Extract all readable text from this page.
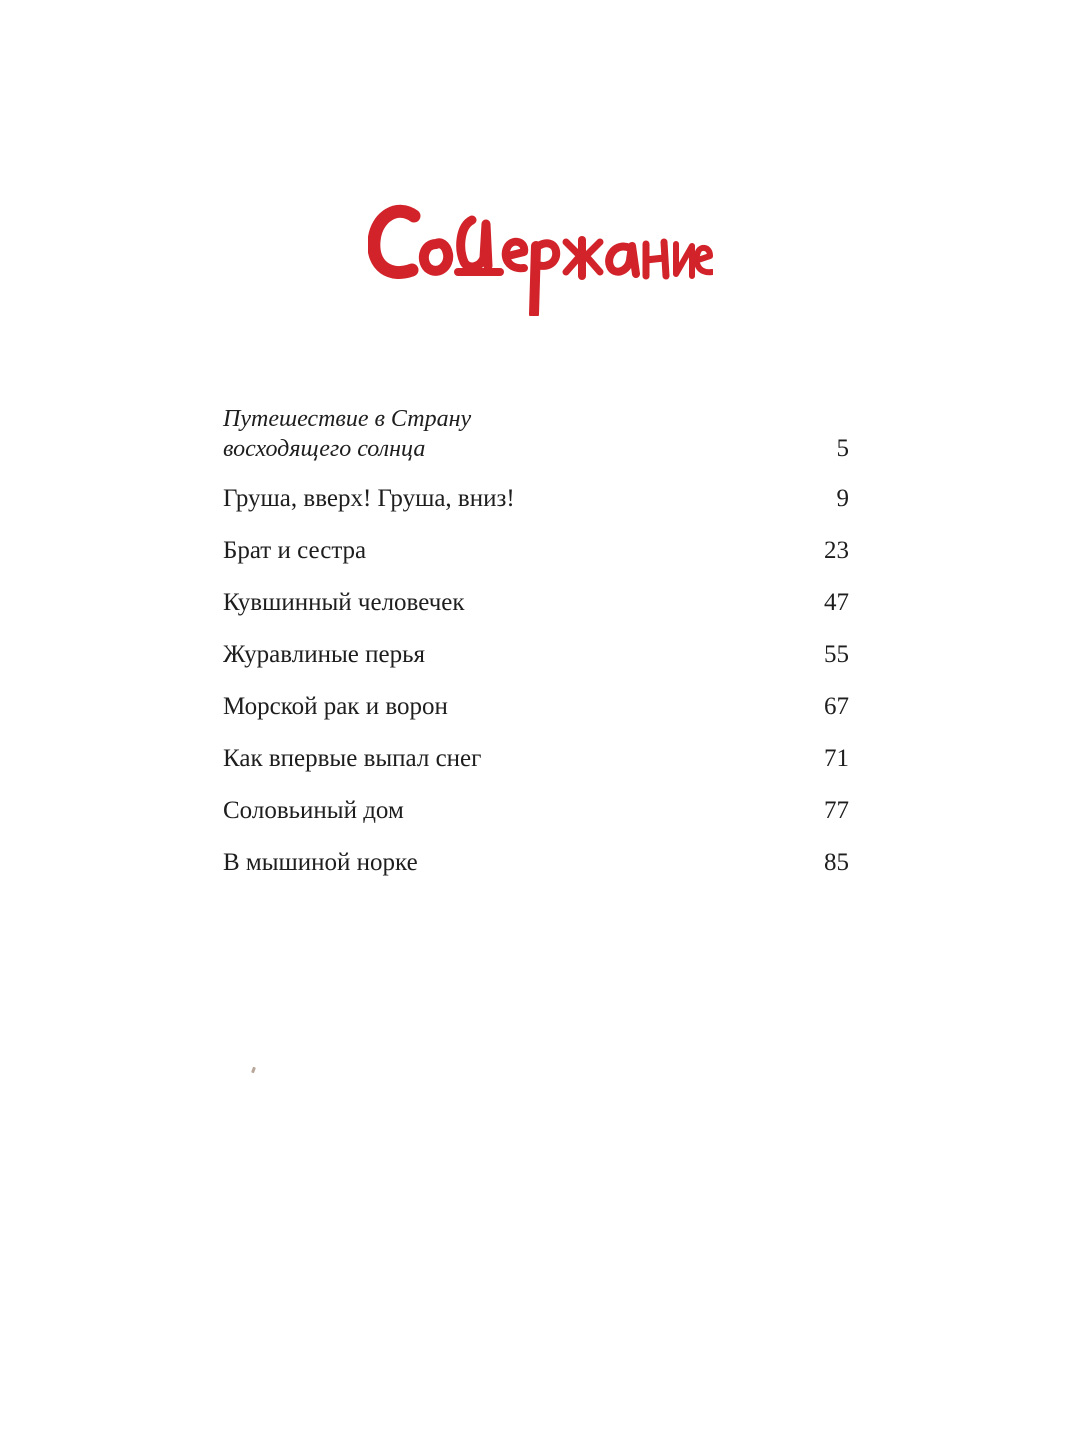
Путешествие в Страну
восходящего солнца	5
Груша, вверх! Груша, вниз!	9
Брат и сестра	23
Кувшинный человечек	47
Журавлиные перья	55
Морской рак и ворон	67
Как впервые выпал снег	71
Соловьиный дом	77
В мышиной норке	85
